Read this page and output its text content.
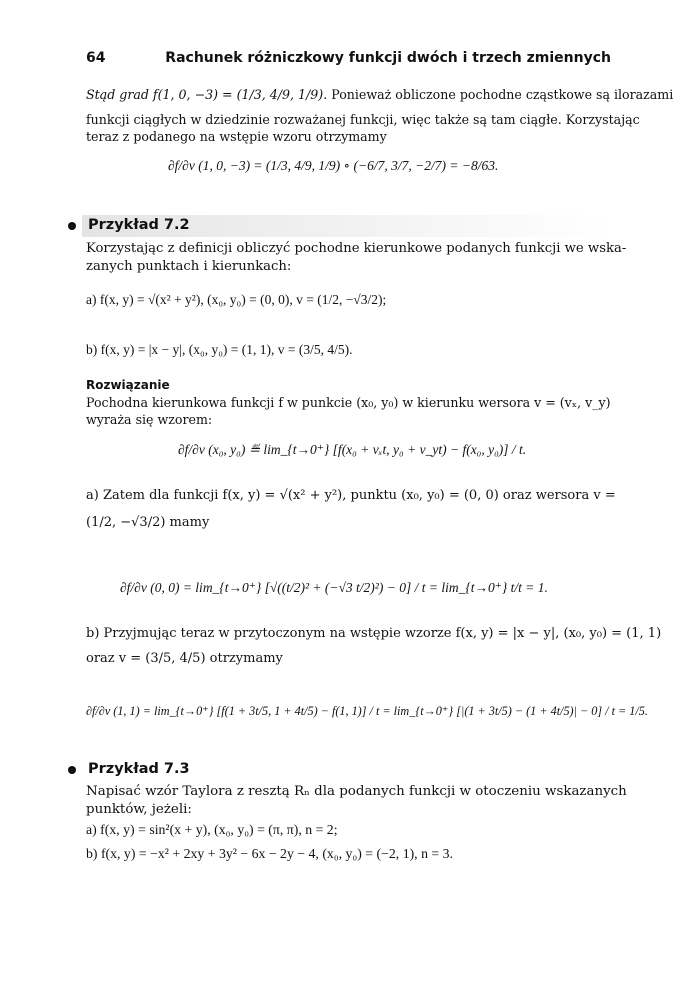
64	Rachunek różniczkowy funkcji dwóch i trzech zmiennych
Stąd grad f(1, 0, −3) = (1/3, 4/9, 1/9). Ponieważ obliczone pochodne cząstkowe są ilorazami
funkcji ciągłych w dziedzinie rozważanej funkcji, więc także są tam ciągłe. Korzystając
teraz z podanego na wstępie wzoru otrzymamy
∂f/∂v (1, 0, −3) = (1/3, 4/9, 1/9) ∘ (−6/7, 3/7, −2/7) = −8/63.
Przykład 7.2
Korzystając z definicji obliczyć pochodne kierunkowe podanych funkcji we wska-
zanych punktach i kierunkach:
a) f(x, y) = √(x² + y²), (x₀, y₀) = (0, 0), v = (1/2, −√3/2);
b) f(x, y) = |x − y|, (x₀, y₀) = (1, 1), v = (3/5, 4/5).
Rozwiązanie
Pochodna kierunkowa funkcji f w punkcie (x₀, y₀) w kierunku wersora v = (vₓ, v_y)
wyraża się wzorem:
∂f/∂v (x₀, y₀) ≝ lim_{t→0⁺} [f(x₀ + vₓt, y₀ + v_yt) − f(x₀, y₀)] / t.
a) Zatem dla funkcji f(x, y) = √(x² + y²), punktu (x₀, y₀) = (0, 0) oraz wersora v =
(1/2, −√3/2) mamy
∂f/∂v (0, 0) = lim_{t→0⁺} [√((t/2)² + (−√3 t/2)²) − 0] / t = lim_{t→0⁺} t/t = 1.
b) Przyjmując teraz w przytoczonym na wstępie wzorze f(x, y) = |x − y|, (x₀, y₀) = (1, 1)
oraz v = (3/5, 4/5) otrzymamy
∂f/∂v (1, 1) = lim_{t→0⁺} [f(1 + 3t/5, 1 + 4t/5) − f(1, 1)] / t = lim_{t→0⁺} [|(1 + 3t/5) − (1 + 4t/5)| − 0] / t = 1/5.
Przykład 7.3
Napisać wzór Taylora z resztą Rₙ dla podanych funkcji w otoczeniu wskazanych
punktów, jeżeli:
a) f(x, y) = sin²(x + y), (x₀, y₀) = (π, π), n = 2;
b) f(x, y) = −x² + 2xy + 3y² − 6x − 2y − 4, (x₀, y₀) = (−2, 1), n = 3.
